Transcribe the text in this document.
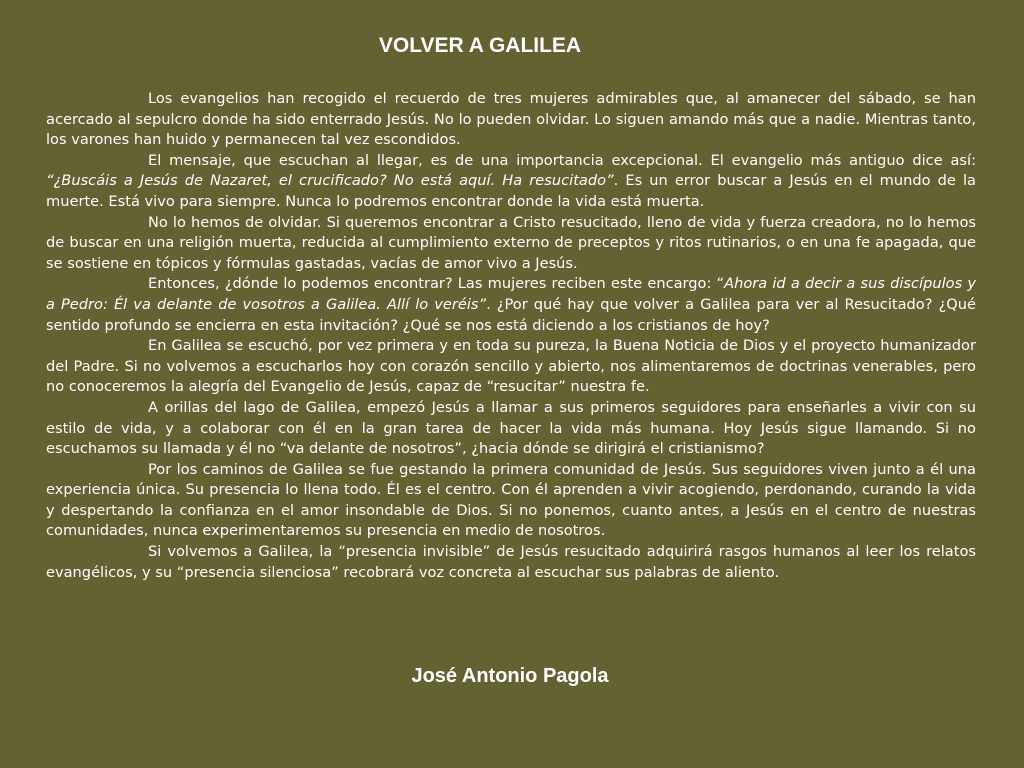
VOLVER A GALILEA

Los evangelios han recogido el recuerdo de tres mujeres admirables que, al amanecer del sábado, se han acercado al sepulcro donde ha sido enterrado Jesús. No lo pueden olvidar. Lo siguen amando más que a nadie. Mientras tanto, los varones han huido y permanecen tal vez escondidos.

El mensaje, que escuchan al llegar, es de una importancia excepcional. El evangelio más antiguo dice así: “¿Buscáis a Jesús de Nazaret, el crucificado? No está aquí. Ha resucitado”. Es un error buscar a Jesús en el mundo de la muerte. Está vivo para siempre. Nunca lo podremos encontrar donde la vida está muerta.

No lo hemos de olvidar. Si queremos encontrar a Cristo resucitado, lleno de vida y fuerza creadora, no lo hemos de buscar en una religión muerta, reducida al cumplimiento externo de preceptos y ritos rutinarios, o en una fe apagada, que se sostiene en tópicos y fórmulas gastadas, vacías de amor vivo a Jesús.

Entonces, ¿dónde lo podemos encontrar? Las mujeres reciben este encargo: “Ahora id a decir a sus discípulos y a Pedro: Él va delante de vosotros a Galilea. Allí lo veréis”. ¿Por qué hay que volver a Galilea para ver al Resucitado? ¿Qué sentido profundo se encierra en esta invitación? ¿Qué se nos está diciendo a los cristianos de hoy?

En Galilea se escuchó, por vez primera y en toda su pureza, la Buena Noticia de Dios y el proyecto humanizador del Padre. Si no volvemos a escucharlos hoy con corazón sencillo y abierto, nos alimentaremos de doctrinas venerables, pero no conoceremos la alegría del Evangelio de Jesús, capaz de “resucitar” nuestra fe.

A orillas del lago de Galilea, empezó Jesús a llamar a sus primeros seguidores para enseñarles a vivir con su estilo de vida, y a colaborar con él en la gran tarea de hacer la vida más humana. Hoy Jesús sigue llamando. Si no escuchamos su llamada y él no “va delante de nosotros”, ¿hacia dónde se dirigirá el cristianismo?

Por los caminos de Galilea se fue gestando la primera comunidad de Jesús. Sus seguidores viven junto a él una experiencia única. Su presencia lo llena todo. Él es el centro. Con él aprenden a vivir acogiendo, perdonando, curando la vida y despertando la confianza en el amor insondable de Dios. Si no ponemos, cuanto antes, a Jesús en el centro de nuestras comunidades, nunca experimentaremos su presencia en medio de nosotros.

Si volvemos a Galilea, la “presencia invisible” de Jesús resucitado adquirirá rasgos humanos al leer los relatos evangélicos, y su “presencia silenciosa” recobrará voz concreta al escuchar sus palabras de aliento.

José Antonio Pagola
